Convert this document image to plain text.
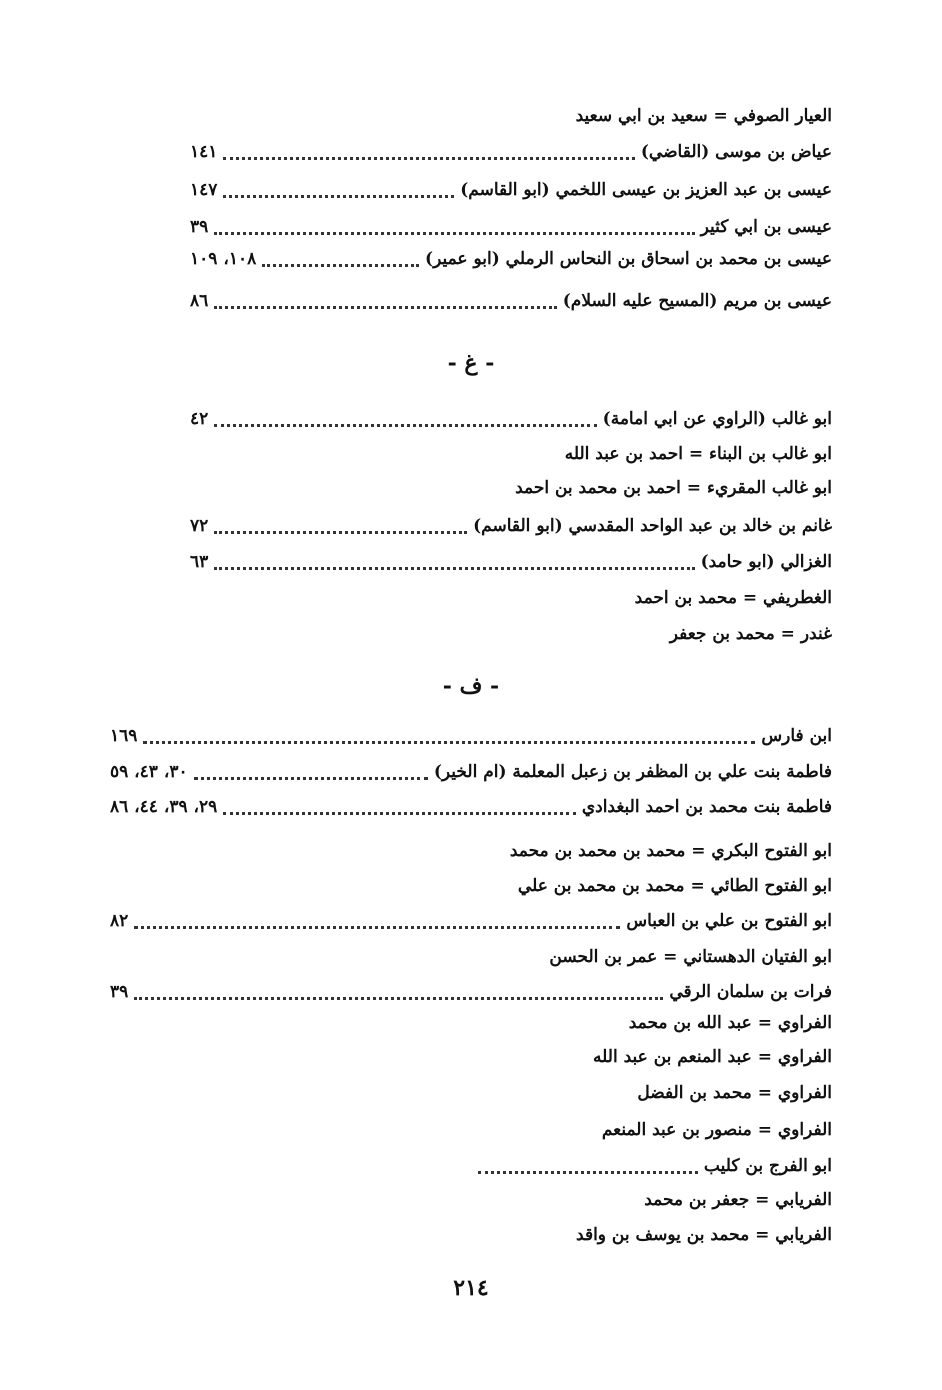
العيار الصوفي = سعيد بن ابي سعيد
عياض بن موسى (القاضي)
١٤١
عيسى بن عبد العزيز بن عيسى اللخمي (ابو القاسم)
١٤٧
عيسى بن ابي كثير
٣٩
عيسى بن محمد بن اسحاق بن النحاس الرملي (ابو عمير)
١٠٨، ١٠٩
عيسى بن مريم (المسيح عليه السلام)
٨٦
- غ -
ابو غالب (الراوي عن ابي امامة)
٤٢
ابو غالب بن البناء = احمد بن عبد الله
ابو غالب المقريء = احمد بن محمد بن احمد
غانم بن خالد بن عبد الواحد المقدسي (ابو القاسم)
٧٢
الغزالي (ابو حامد)
٦٣
الغطريفي = محمد بن احمد
غندر = محمد بن جعفر
- ف -
ابن فارس
١٦٩
فاطمة بنت علي بن المظفر بن زعبل المعلمة (ام الخير)
٣٠، ٤٣، ٥٩
فاطمة بنت محمد بن احمد البغدادي
٢٩، ٣٩، ٤٤، ٨٦
ابو الفتوح البكري = محمد بن محمد بن محمد
ابو الفتوح الطائي = محمد بن محمد بن علي
ابو الفتوح بن علي بن العباس
٨٢
ابو الفتيان الدهستاني = عمر بن الحسن
فرات بن سلمان الرقي
٣٩
الفراوي = عبد الله بن محمد
الفراوي = عبد المنعم بن عبد الله
الفراوي = محمد بن الفضل
الفراوي = منصور بن عبد المنعم
ابو الفرج بن كليب
الفريابي = جعفر بن محمد
الفريابي = محمد بن يوسف بن واقد
٢١٤
